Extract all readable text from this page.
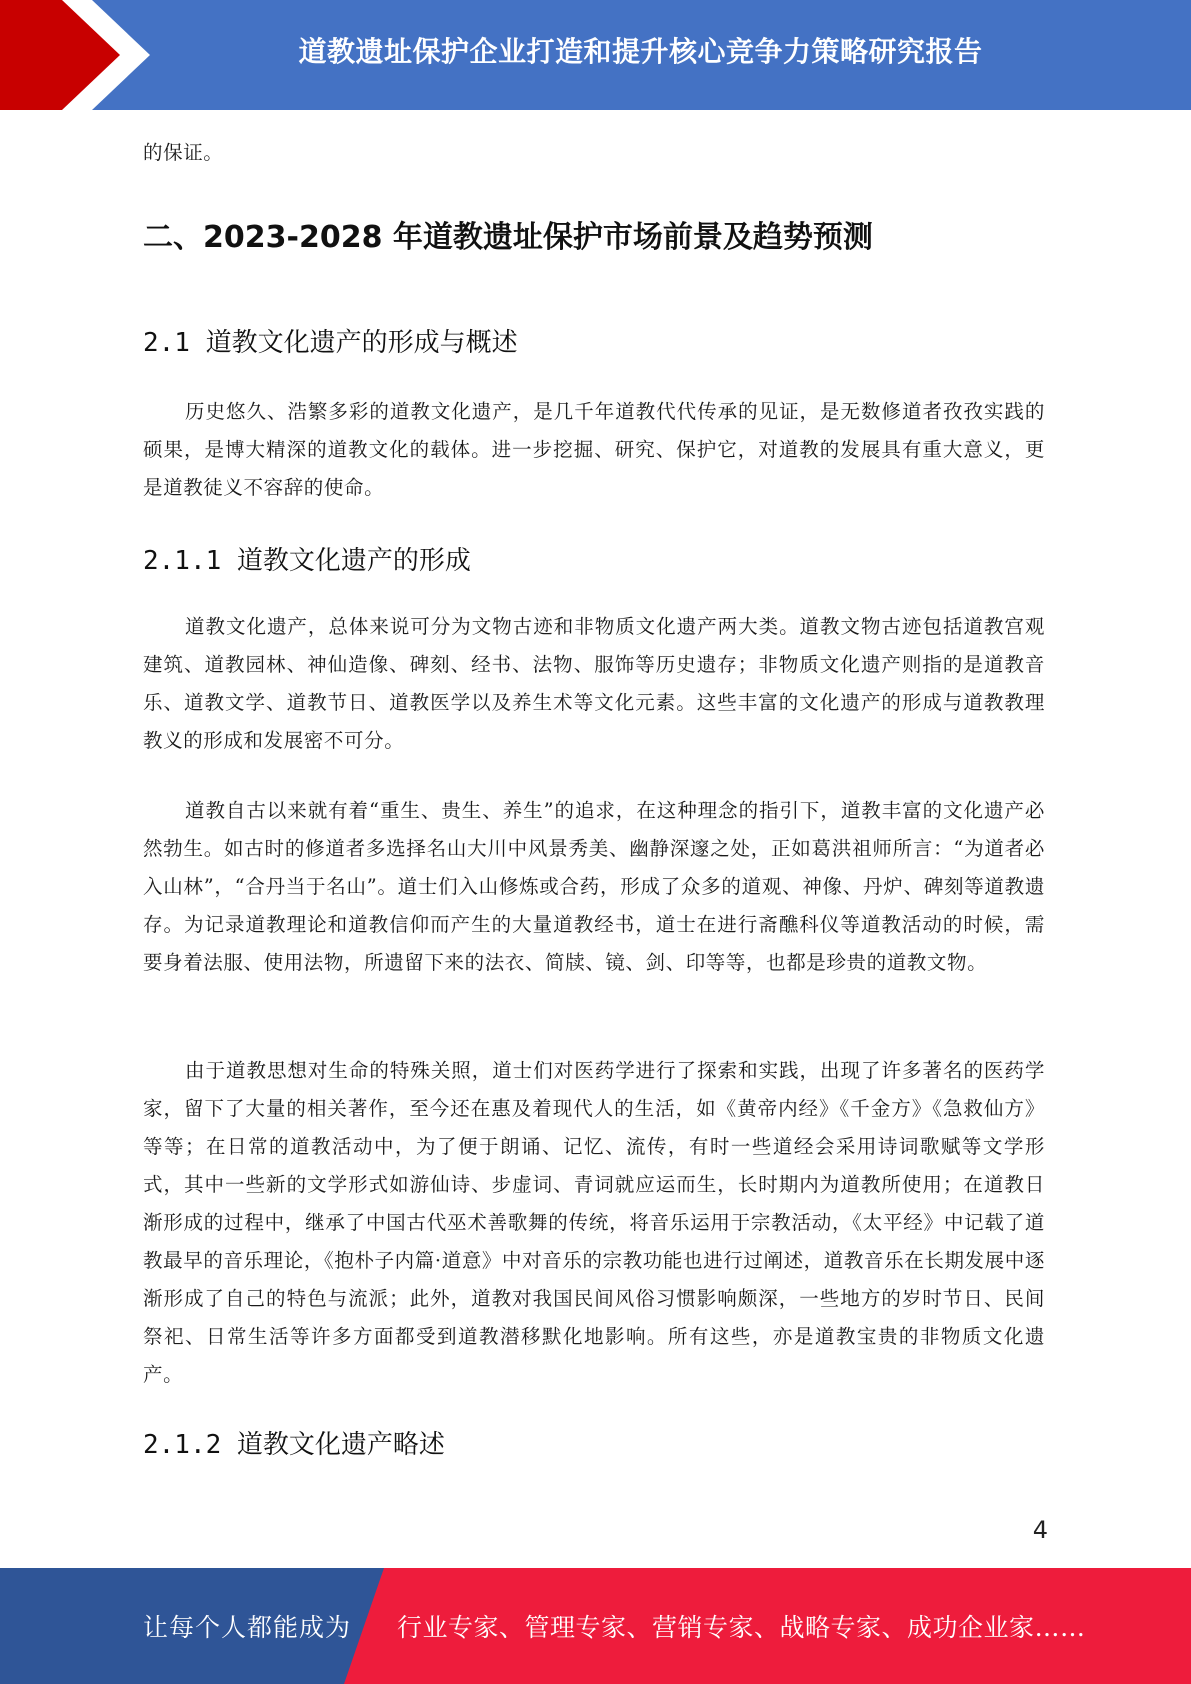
道教遗址保护企业打造和提升核心竞争力策略研究报告

的保证。

二、2023-2028 年道教遗址保护市场前景及趋势预测
2.1 道教文化遗产的形成与概述

历史悠久、浩繁多彩的道教文化遗产，是几千年道教代代传承的见证，是无数修道者孜孜实践的硕果，是博大精深的道教文化的载体。进一步挖掘、研究、保护它，对道教的发展具有重大意义，更是道教徒义不容辞的使命。

2.1.1 道教文化遗产的形成

道教文化遗产，总体来说可分为文物古迹和非物质文化遗产两大类。道教文物古迹包括道教宫观建筑、道教园林、神仙造像、碑刻、经书、法物、服饰等历史遗存；非物质文化遗产则指的是道教音乐、道教文学、道教节日、道教医学以及养生术等文化元素。这些丰富的文化遗产的形成与道教教理教义的形成和发展密不可分。

道教自古以来就有着“重生、贵生、养生”的追求，在这种理念的指引下，道教丰富的文化遗产必然勃生。如古时的修道者多选择名山大川中风景秀美、幽静深邃之处，正如葛洪祖师所言：“为道者必入山林”，“合丹当于名山”。道士们入山修炼或合药，形成了众多的道观、神像、丹炉、碑刻等道教遗存。为记录道教理论和道教信仰而产生的大量道教经书，道士在进行斋醮科仪等道教活动的时候，需要身着法服、使用法物，所遗留下来的法衣、简牍、镜、剑、印等等，也都是珍贵的道教文物。

由于道教思想对生命的特殊关照，道士们对医药学进行了探索和实践，出现了许多著名的医药学家，留下了大量的相关著作，至今还在惠及着现代人的生活，如《黄帝内经》《千金方》《急救仙方》等等；在日常的道教活动中，为了便于朗诵、记忆、流传，有时一些道经会采用诗词歌赋等文学形式，其中一些新的文学形式如游仙诗、步虚词、青词就应运而生，长时期内为道教所使用；在道教日渐形成的过程中，继承了中国古代巫术善歌舞的传统，将音乐运用于宗教活动，《太平经》中记载了道教最早的音乐理论，《抱朴子内篇·道意》中对音乐的宗教功能也进行过阐述，道教音乐在长期发展中逐渐形成了自己的特色与流派；此外，道教对我国民间风俗习惯影响颇深，一些地方的岁时节日、民间祭祀、日常生活等许多方面都受到道教潜移默化地影响。所有这些，亦是道教宝贵的非物质文化遗产。

2.1.2 道教文化遗产略述
4
让每个人都能成为 行业专家、管理专家、营销专家、战略专家、成功企业家……
